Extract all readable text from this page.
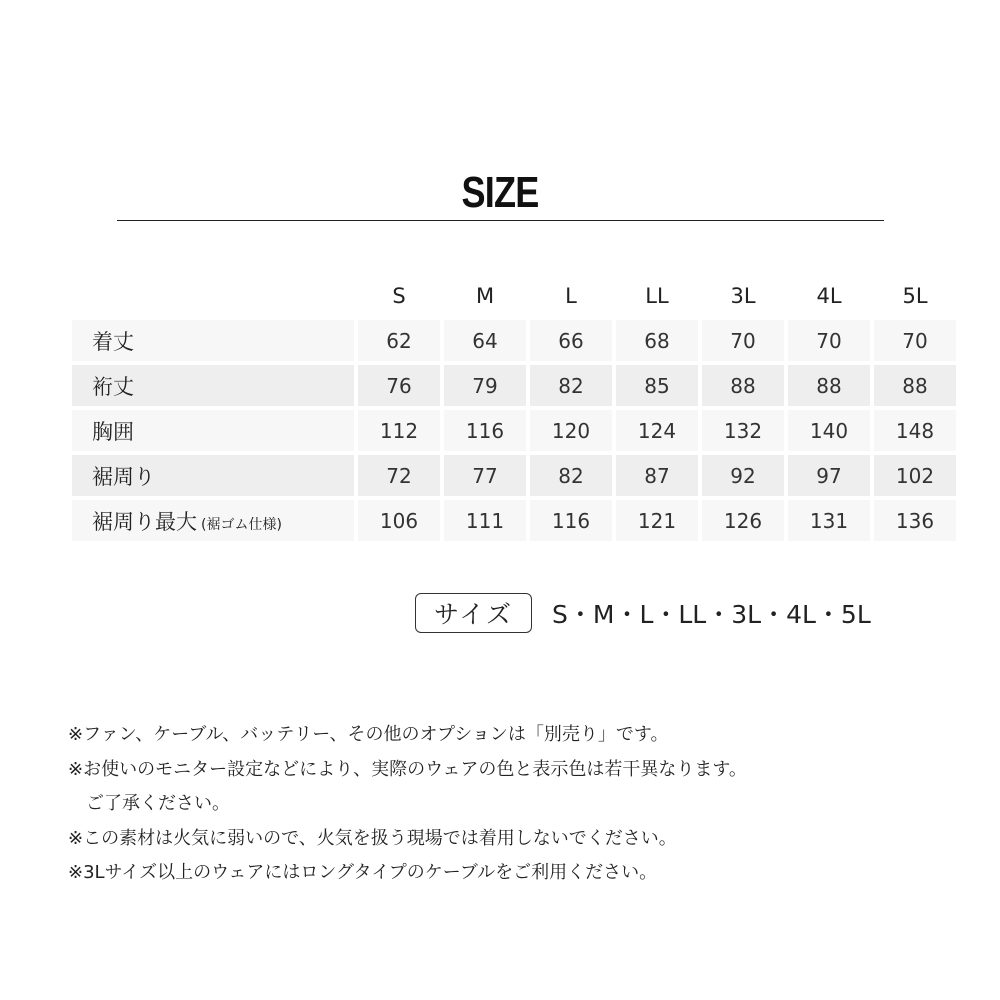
SIZE
	S	M	L	LL	3L	4L	5L
着丈	62	64	66	68	70	70	70
裄丈	76	79	82	85	88	88	88
胸囲	112	116	120	124	132	140	148
裾周り	72	77	82	87	92	97	102
裾周り最大 (裾ゴム仕様)	106	111	116	121	126	131	136
サイズ	S・M・L・LL・3L・4L・5L
※ファン、ケーブル、バッテリー、その他のオプションは「別売り」です。
※お使いのモニター設定などにより、実際のウェアの色と表示色は若干異なります。
　ご了承ください。
※この素材は火気に弱いので、火気を扱う現場では着用しないでください。
※3Lサイズ以上のウェアにはロングタイプのケーブルをご利用ください。
